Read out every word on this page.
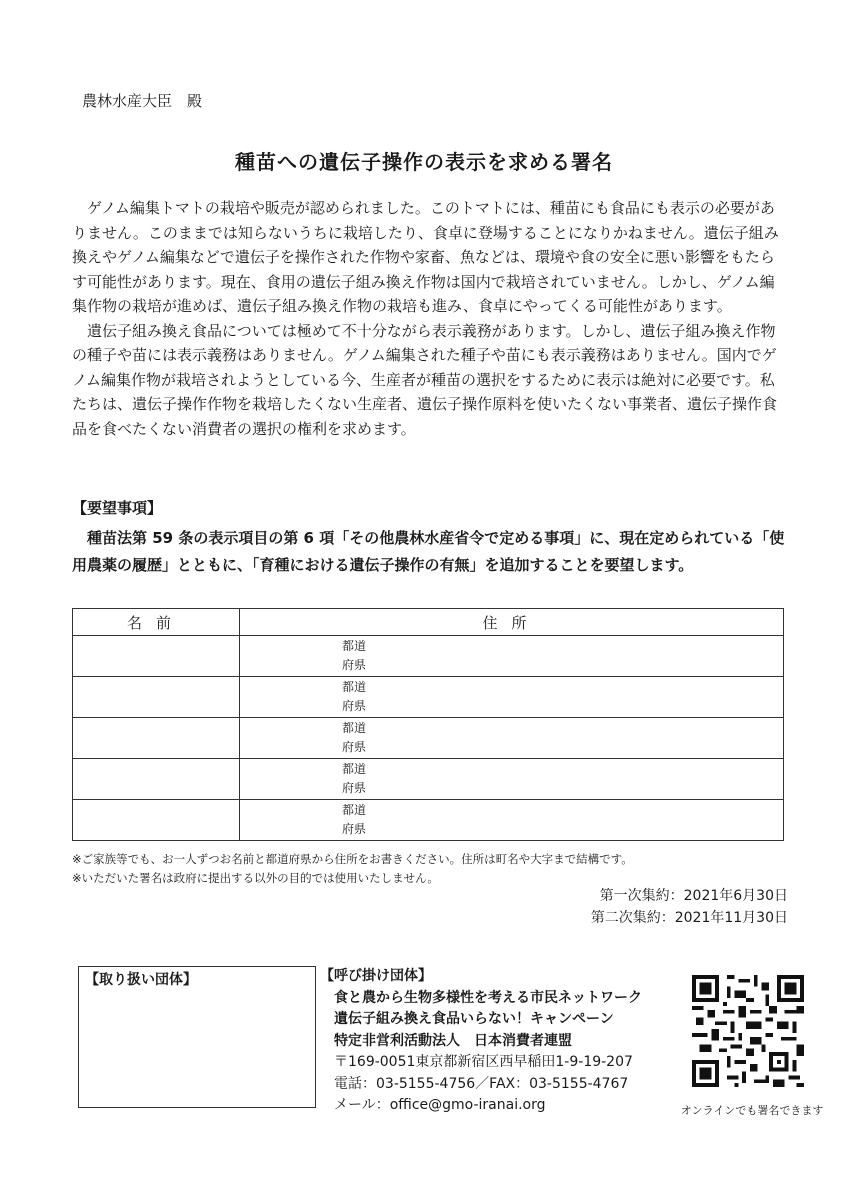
農林水産大臣　殿
種苗への遺伝子操作の表示を求める署名

ゲノム編集トマトの栽培や販売が認められました。このトマトには、種苗にも食品にも表示の必要がありません。このままでは知らないうちに栽培したり、食卓に登場することになりかねません。遺伝子組み換えやゲノム編集などで遺伝子を操作された作物や家畜、魚などは、環境や食の安全に悪い影響をもたらす可能性があります。現在、食用の遺伝子組み換え作物は国内で栽培されていません。しかし、ゲノム編集作物の栽培が進めば、遺伝子組み換え作物の栽培も進み、食卓にやってくる可能性があります。

遺伝子組み換え食品については極めて不十分ながら表示義務があります。しかし、遺伝子組み換え作物の種子や苗には表示義務はありません。ゲノム編集された種子や苗にも表示義務はありません。国内でゲノム編集作物が栽培されようとしている今、生産者が種苗の選択をするために表示は絶対に必要です。私たちは、遺伝子操作作物を栽培したくない生産者、遺伝子操作原料を使いたくない事業者、遺伝子操作食品を食べたくない消費者の選択の権利を求めます。

【要望事項】

種苗法第 59 条の表示項目の第 6 項「その他農林水産省令で定める事項」に、現在定められている「使用農薬の履歴」とともに、「育種における遺伝子操作の有無」を追加することを要望します。

名前	住所

	都道
府県

	都道
府県

	都道
府県

	都道
府県

	都道
府県
※ご家族等でも、お一人ずつお名前と都道府県から住所をお書きください。住所は町名や大字まで結構です。
※いただいた署名は政府に提出する以外の目的では使用いたしません。
第一次集約：2021年6月30日
第二次集約：2021年11月30日
【取り扱い団体】	【呼び掛け団体】
食と農から生物多様性を考える市民ネットワーク
遺伝子組み換え食品いらない！キャンペーン
特定非営利活動法人　日本消費者連盟
〒169-0051東京都新宿区西早稲田1-9-19-207
電話：03-5155-4756／FAX：03-5155-4767
メール：office@gmo-iranai.org	オンラインでも署名できます
